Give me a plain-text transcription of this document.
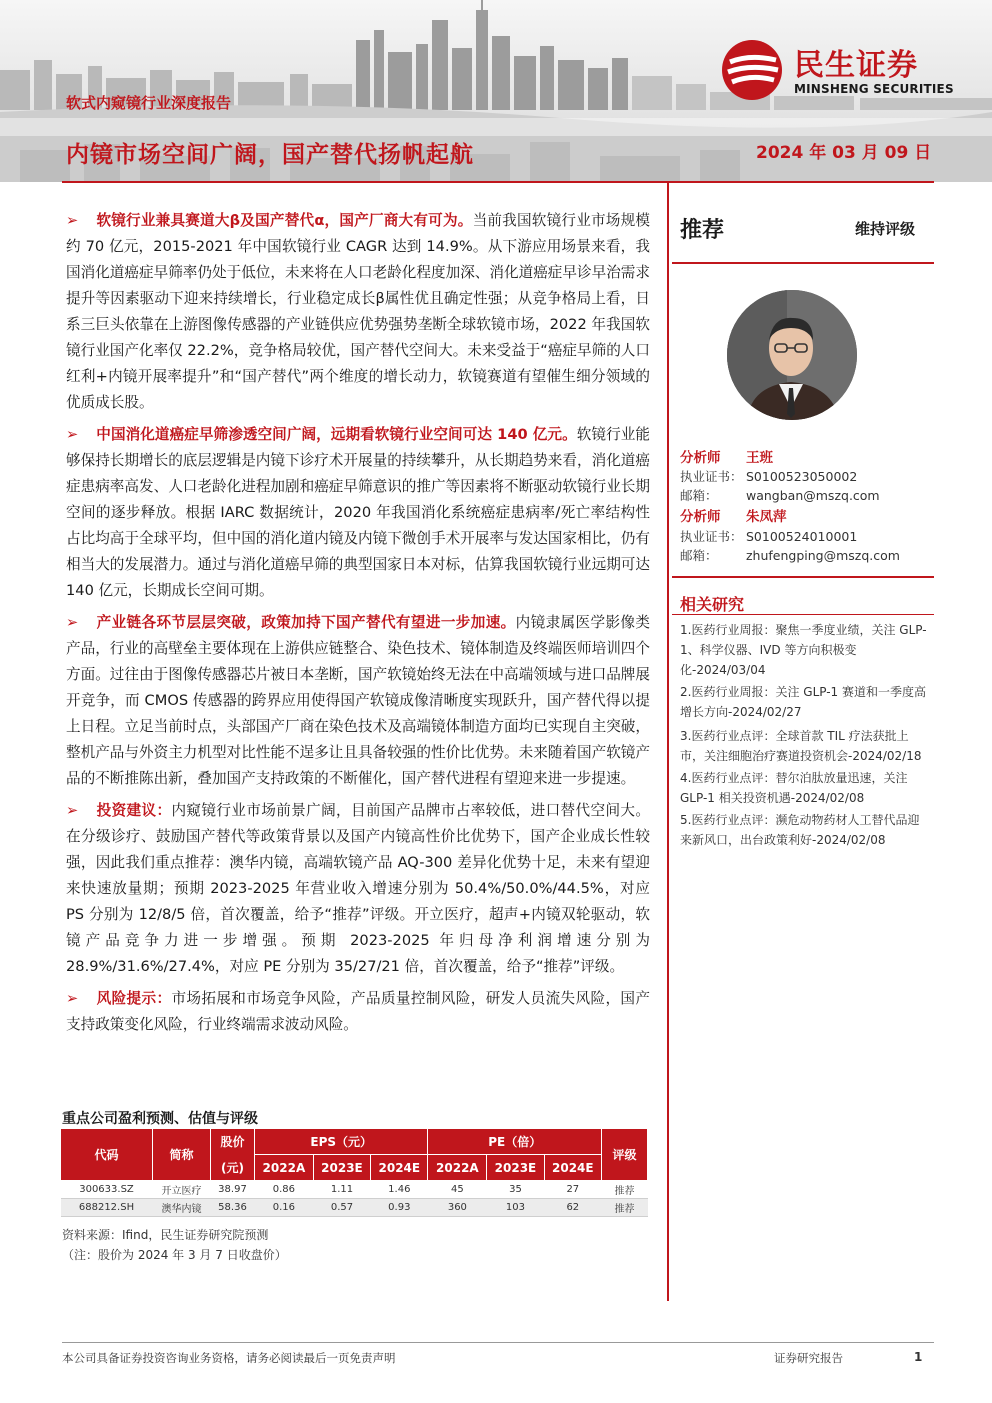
民生证券
MINSHENG SECURITIES
软式内窥镜行业深度报告
内镜市场空间广阔，国产替代扬帆起航	2024 年 03 月 09 日

➢ 软镜行业兼具赛道大β及国产替代α，国产厂商大有可为。当前我国软镜行业市场规模约 70 亿元，2015-2021 年中国软镜行业 CAGR 达到 14.9%。从下游应用场景来看，我国消化道癌症早筛率仍处于低位，未来将在人口老龄化程度加深、消化道癌症早诊早治需求提升等因素驱动下迎来持续增长，行业稳定成长β属性优且确定性强；从竞争格局上看，日系三巨头依靠在上游图像传感器的产业链供应优势强势垄断全球软镜市场，2022 年我国软镜行业国产化率仅 22.2%，竞争格局较优，国产替代空间大。未来受益于“癌症早筛的人口红利+内镜开展率提升”和“国产替代”两个维度的增长动力，软镜赛道有望催生细分领域的优质成长股。

➢ 中国消化道癌症早筛渗透空间广阔，远期看软镜行业空间可达 140 亿元。软镜行业能够保持长期增长的底层逻辑是内镜下诊疗术开展量的持续攀升，从长期趋势来看，消化道癌症患病率高发、人口老龄化进程加剧和癌症早筛意识的推广等因素将不断驱动软镜行业长期空间的逐步释放。根据 IARC 数据统计，2020 年我国消化系统癌症患病率/死亡率结构性占比均高于全球平均，但中国的消化道内镜及内镜下微创手术开展率与发达国家相比，仍有相当大的发展潜力。通过与消化道癌早筛的典型国家日本对标，估算我国软镜行业远期可达 140 亿元，长期成长空间可期。

➢ 产业链各环节层层突破，政策加持下国产替代有望进一步加速。内镜隶属医学影像类产品，行业的高壁垒主要体现在上游供应链整合、染色技术、镜体制造及终端医师培训四个方面。过往由于图像传感器芯片被日本垄断，国产软镜始终无法在中高端领域与进口品牌展开竞争，而 CMOS 传感器的跨界应用使得国产软镜成像清晰度实现跃升，国产替代得以提上日程。立足当前时点，头部国产厂商在染色技术及高端镜体制造方面均已实现自主突破，整机产品与外资主力机型对比性能不逞多让且具备较强的性价比优势。未来随着国产软镜产品的不断推陈出新，叠加国产支持政策的不断催化，国产替代进程有望迎来进一步提速。

➢ 投资建议：内窥镜行业市场前景广阔，目前国产品牌市占率较低，进口替代空间大。在分级诊疗、鼓励国产替代等政策背景以及国产内镜高性价比优势下，国产企业成长性较强，因此我们重点推荐：澳华内镜，高端软镜产品 AQ-300 差异化优势十足，未来有望迎来快速放量期；预期 2023-2025 年营业收入增速分别为 50.4%/50.0%/44.5%，对应 PS 分别为 12/8/5 倍，首次覆盖，给予“推荐”评级。开立医疗，超声+内镜双轮驱动，软镜产品竞争力进一步增强。预期 2023-2025 年归母净利润增速分别为 28.9%/31.6%/27.4%，对应 PE 分别为 35/27/21 倍，首次覆盖，给予“推荐”评级。

➢ 风险提示：市场拓展和市场竞争风险，产品质量控制风险，研发人员流失风险，国产支持政策变化风险，行业终端需求波动风险。

重点公司盈利预测、估值与评级
代码	简称	股价	EPS（元）			PE（倍）			评级
		(元)	2022A	2023E	2024E	2022A	2023E	2024E	
300633.SZ	开立医疗	38.97	0.86	1.11	1.46	45	35	27	推荐
688212.SH	澳华内镜	58.36	0.16	0.57	0.93	360	103	62	推荐
资料来源：Ifind，民生证券研究院预测
（注：股价为 2024 年 3 月 7 日收盘价）
推荐	维持评级
分析师 王班
执业证书： S0100523050002
邮箱： wangban@mszq.com
分析师 朱凤萍
执业证书： S0100524010001
邮箱： zhufengping@mszq.com
相关研究
1.医药行业周报：聚焦一季度业绩，关注 GLP-1、科学仪器、IVD 等方向积极变化-2024/03/04
2.医药行业周报：关注 GLP-1 赛道和一季度高增长方向-2024/02/27
3.医药行业点评：全球首款 TIL 疗法获批上市，关注细胞治疗赛道投资机会-2024/02/18
4.医药行业点评：替尔泊肽放量迅速，关注 GLP-1 相关投资机遇-2024/02/08
5.医药行业点评：濒危动物药材人工替代品迎来新风口，出台政策利好-2024/02/08
本公司具备证券投资咨询业务资格，请务必阅读最后一页免责声明	证券研究报告	1
